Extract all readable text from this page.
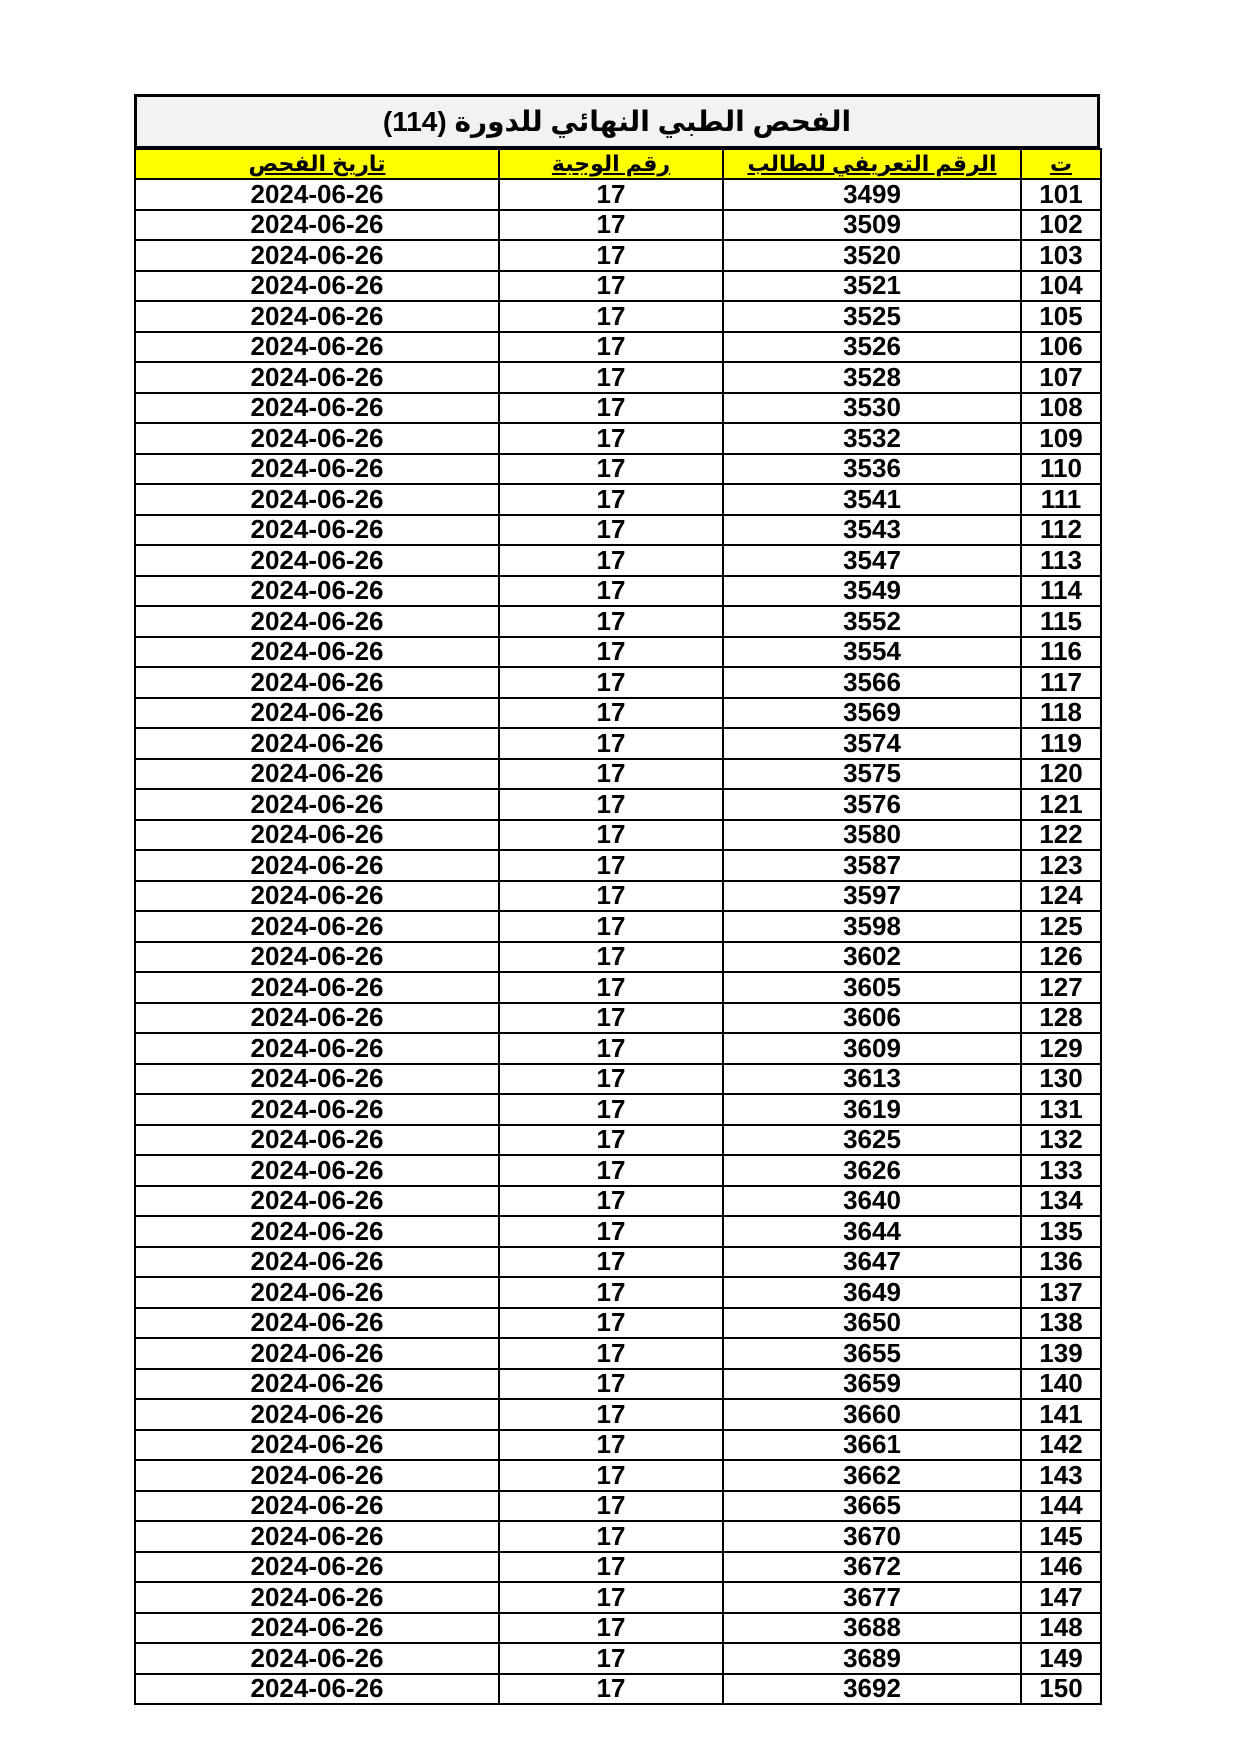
الفحص الطبي النهائي للدورة (114)
ت	الرقم التعريفي للطالب	رقم الوجبة	تاريخ الفحص
101	3499	17	2024-06-26
102	3509	17	2024-06-26
103	3520	17	2024-06-26
104	3521	17	2024-06-26
105	3525	17	2024-06-26
106	3526	17	2024-06-26
107	3528	17	2024-06-26
108	3530	17	2024-06-26
109	3532	17	2024-06-26
110	3536	17	2024-06-26
111	3541	17	2024-06-26
112	3543	17	2024-06-26
113	3547	17	2024-06-26
114	3549	17	2024-06-26
115	3552	17	2024-06-26
116	3554	17	2024-06-26
117	3566	17	2024-06-26
118	3569	17	2024-06-26
119	3574	17	2024-06-26
120	3575	17	2024-06-26
121	3576	17	2024-06-26
122	3580	17	2024-06-26
123	3587	17	2024-06-26
124	3597	17	2024-06-26
125	3598	17	2024-06-26
126	3602	17	2024-06-26
127	3605	17	2024-06-26
128	3606	17	2024-06-26
129	3609	17	2024-06-26
130	3613	17	2024-06-26
131	3619	17	2024-06-26
132	3625	17	2024-06-26
133	3626	17	2024-06-26
134	3640	17	2024-06-26
135	3644	17	2024-06-26
136	3647	17	2024-06-26
137	3649	17	2024-06-26
138	3650	17	2024-06-26
139	3655	17	2024-06-26
140	3659	17	2024-06-26
141	3660	17	2024-06-26
142	3661	17	2024-06-26
143	3662	17	2024-06-26
144	3665	17	2024-06-26
145	3670	17	2024-06-26
146	3672	17	2024-06-26
147	3677	17	2024-06-26
148	3688	17	2024-06-26
149	3689	17	2024-06-26
150	3692	17	2024-06-26
